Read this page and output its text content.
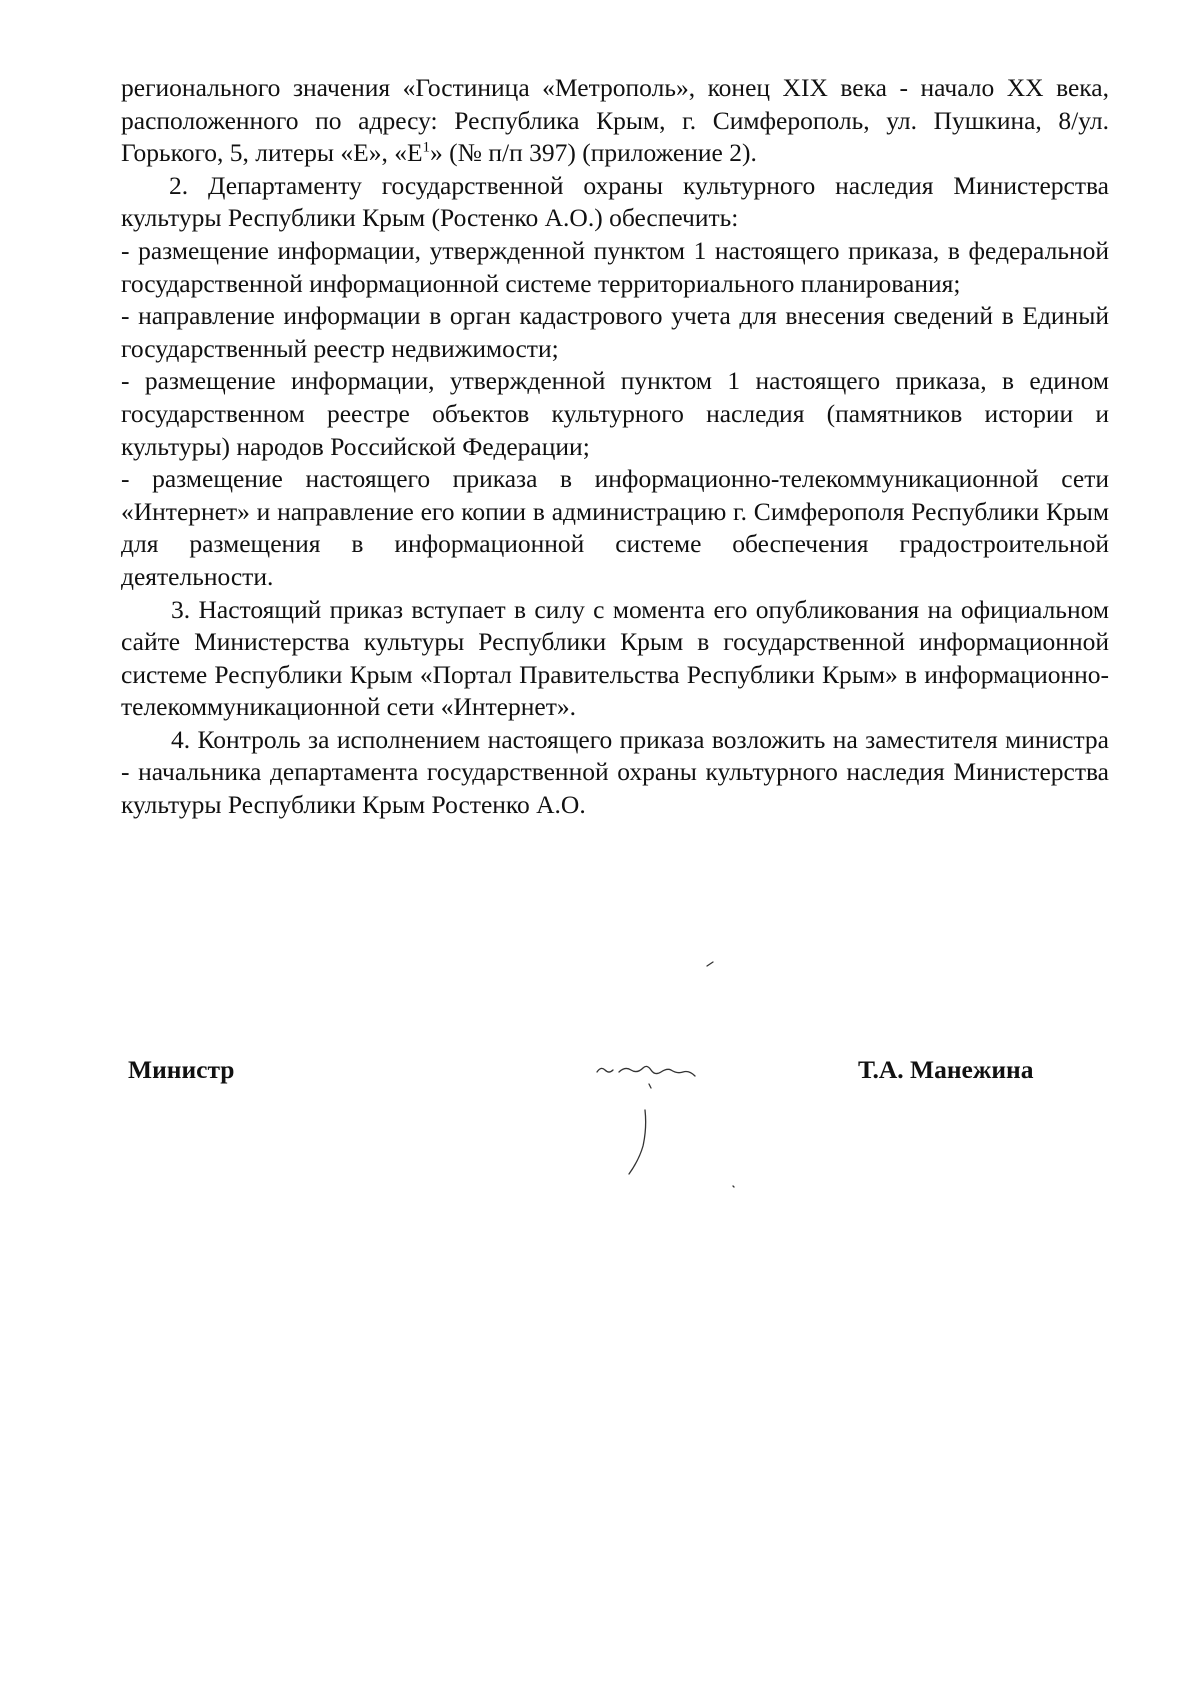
регионального значения «Гостиница «Метрополь», конец XIX века - начало XX века, расположенного по адресу: Республика Крым, г. Симферополь, ул. Пушкина, 8/ул. Горького, 5, литеры «Е», «$Е^1$» (№ п/п 397) (приложение 2).

2. Департаменту государственной охраны культурного наследия Министерства культуры Республики Крым (Ростенко А.О.) обеспечить:

- размещение информации, утвержденной пунктом 1 настоящего приказа, в федеральной государственной информационной системе территориального планирования;

- направление информации в орган кадастрового учета для внесения сведений в Единый государственный реестр недвижимости;

- размещение информации, утвержденной пунктом 1 настоящего приказа, в едином государственном реестре объектов культурного наследия (памятников истории и культуры) народов Российской Федерации;

- размещение настоящего приказа в информационно-телекоммуникационной сети «Интернет» и направление его копии в администрацию г. Симферополя Республики Крым для размещения в информационной системе обеспечения градостроительной деятельности.

3. Настоящий приказ вступает в силу с момента его опубликования на официальном сайте Министерства культуры Республики Крым в государственной информационной системе Республики Крым «Портал Правительства Республики Крым» в информационно-телекоммуникационной сети «Интернет».

4. Контроль за исполнением настоящего приказа возложить на заместителя министра - начальника департамента государственной охраны культурного наследия Министерства культуры Республики Крым Ростенко А.О.

Министр	Т.А. Манежина
